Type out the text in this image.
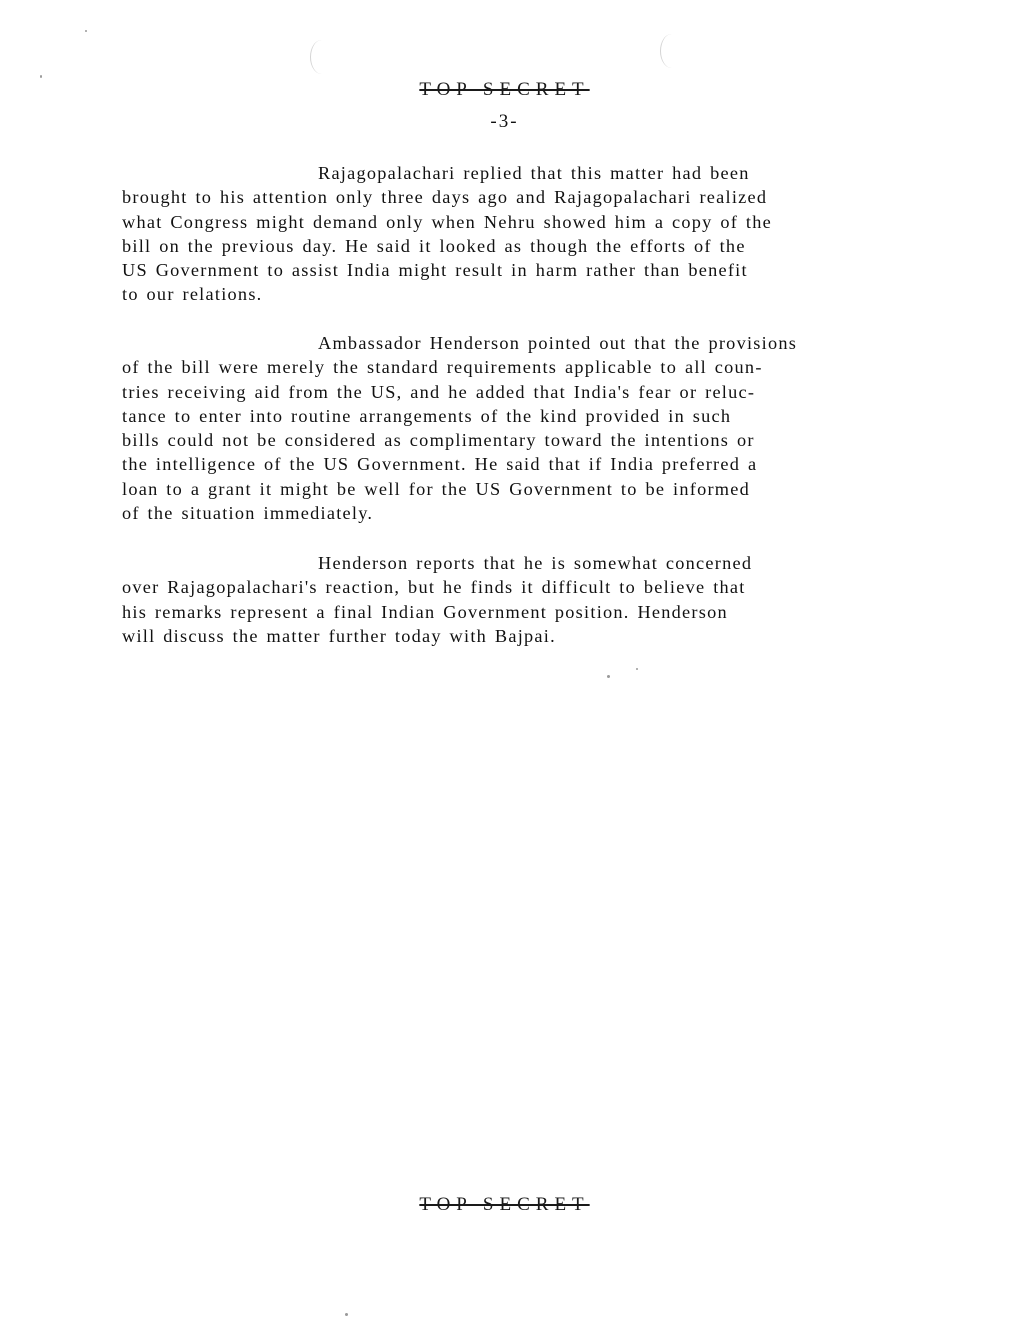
TOP SECRET
-3-
Rajagopalachari replied that this matter had been
brought to his attention only three days ago and Rajagopalachari realized
what Congress might demand only when Nehru showed him a copy of the
bill on the previous day. He said it looked as though the efforts of the
US Government to assist India might result in harm rather than benefit
to our relations.
Ambassador Henderson pointed out that the provisions
of the bill were merely the standard requirements applicable to all coun-
tries receiving aid from the US, and he added that India's fear or reluc-
tance to enter into routine arrangements of the kind provided in such
bills could not be considered as complimentary toward the intentions or
the intelligence of the US Government. He said that if India preferred a
loan to a grant it might be well for the US Government to be informed
of the situation immediately.
Henderson reports that he is somewhat concerned
over Rajagopalachari's reaction, but he finds it difficult to believe that
his remarks represent a final Indian Government position. Henderson
will discuss the matter further today with Bajpai.
TOP SECRET
